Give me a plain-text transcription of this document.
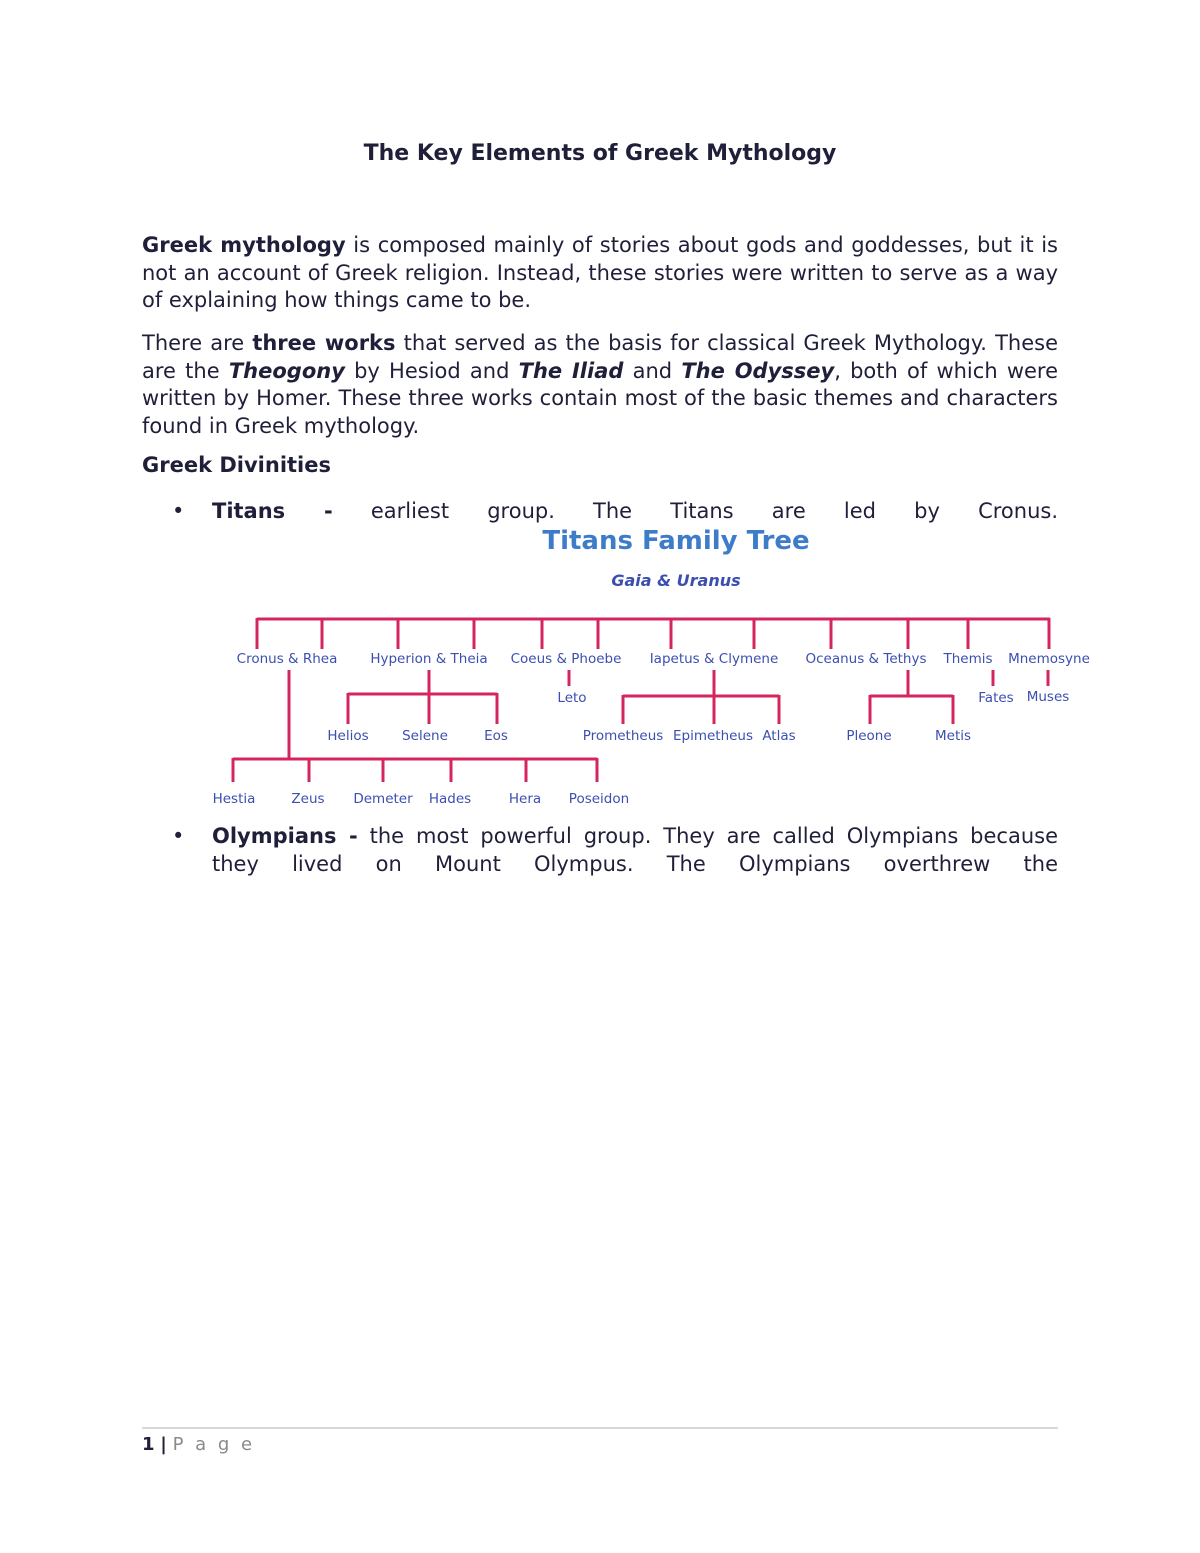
The Key Elements of Greek Mythology
Greek mythology is composed mainly of stories about gods and goddesses, but it is not an account of Greek religion. Instead, these stories were written to serve as a way of explaining how things came to be.
There are three works that served as the basis for classical Greek Mythology. These are the Theogony by Hesiod and The Iliad and The Odyssey, both of which were written by Homer. These three works contain most of the basic themes and characters found in Greek mythology.
Greek Divinities
• Titans - earliest group. The Titans are led by Cronus.
Titans Family Tree
Gaia & Uranus
Cronus & Rhea Hyperion & Theia Coeus & Phoebe Iapetus & Clymene Oceanus & Tethys Themis Mnemosyne
Leto	Fates Muses
Helios Selene	Eos	Prometheus Epimetheus Atlas	Pleone	Metis
Hestia	Zeus Demeter Hades	Hera Poseidon
• Olympians - the most powerful group. They are called Olympians because they lived on Mount Olympus. The Olympians overthrew the
1 | P a g e
